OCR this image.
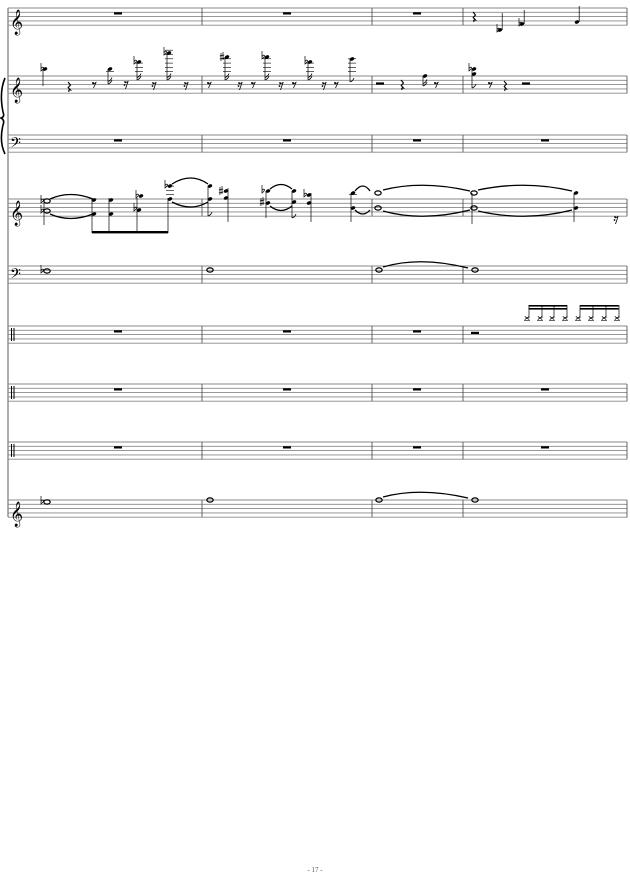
𝄞
𝄞
𝄢
𝄞
𝄢
𝄞
- 17 -
